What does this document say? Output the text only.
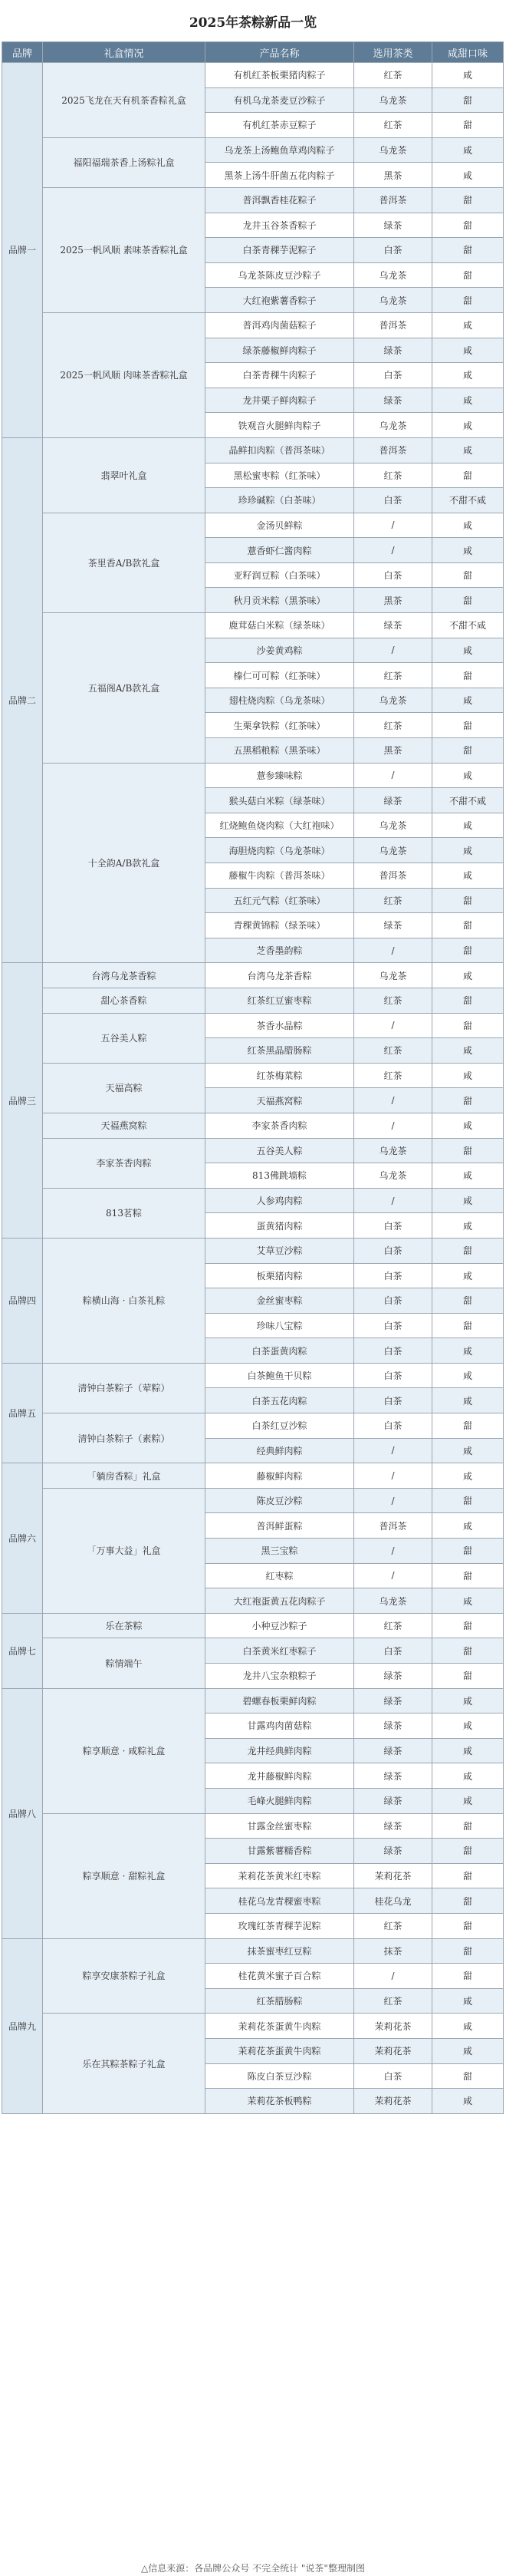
2025年茶粽新品一览
品牌	礼盒情况	产品名称	选用茶类	咸甜口味
品牌一	2025飞龙在天有机茶香粽礼盒	有机红茶板栗猪肉粽子	红茶	咸
		有机乌龙茶麦豆沙粽子	乌龙茶	甜
		有机红茶赤豆粽子	红茶	甜
	福阳福瑞茶香上汤粽礼盒	乌龙茶上汤鲍鱼草鸡肉粽子	乌龙茶	咸
		黑茶上汤牛肝菌五花肉粽子	黑茶	咸
	2025一帆风顺 素味茶香粽礼盒	普洱飘香桂花粽子	普洱茶	甜
		龙井玉谷茶香粽子	绿茶	甜
		白茶青稞芋泥粽子	白茶	甜
		乌龙茶陈皮豆沙粽子	乌龙茶	甜
		大红袍紫薯香粽子	乌龙茶	甜
	2025一帆风顺 肉味茶香粽礼盒	普洱鸡肉菌菇粽子	普洱茶	咸
		绿茶藤椒鲜肉粽子	绿茶	咸
		白茶青稞牛肉粽子	白茶	咸
		龙井栗子鲜肉粽子	绿茶	咸
		铁观音火腿鲜肉粽子	乌龙茶	咸
品牌二	翡翠叶礼盒	晶鲜扣肉粽（普洱茶味）	普洱茶	咸
		黑松蜜枣粽（红茶味）	红茶	甜
		珍珍碱粽（白茶味）	白茶	不甜不咸
	茶里香A/B款礼盒	金汤贝鲜粽	/	咸
		薏香虾仁酱肉粽	/	咸
		亚籽润豆粽（白茶味）	白茶	甜
		秋月贡米粽（黑茶味）	黑茶	甜
	五福阁A/B款礼盒	鹿茸菇白米粽（绿茶味）	绿茶	不甜不咸
		沙姜黄鸡粽	/	咸
		榛仁可可粽（红茶味）	红茶	甜
		翅柱烧肉粽（乌龙茶味）	乌龙茶	咸
		生栗拿铁粽（红茶味）	红茶	甜
		五黑稻粮粽（黑茶味）	黑茶	甜
	十全韵A/B款礼盒	薏参臻味粽	/	咸
		猴头菇白米粽（绿茶味）	绿茶	不甜不咸
		红烧鲍鱼烧肉粽（大红袍味）	乌龙茶	咸
		海胆烧肉粽（乌龙茶味）	乌龙茶	咸
		藤椒牛肉粽（普洱茶味）	普洱茶	咸
		五红元气粽（红茶味）	红茶	甜
		青稞黄锦粽（绿茶味）	绿茶	甜
		芝香墨韵粽	/	甜
品牌三	台湾乌龙茶香粽	台湾乌龙茶香粽	乌龙茶	咸
	甜心茶香粽	红茶红豆蜜枣粽	红茶	甜
	五谷美人粽	茶香水晶粽	/	甜
		红茶黑晶腊肠粽	红茶	咸
	天福高粽	红茶梅菜粽	红茶	咸
		天福燕窝粽	/	甜
	天福燕窝粽	李家茶香肉粽	/	咸
	李家茶香肉粽	五谷美人粽	乌龙茶	甜
		813佛跳墙粽	乌龙茶	咸
	813茗粽	人参鸡肉粽	/	咸
		蛋黄猪肉粽	白茶	咸
品牌四	粽横山海 · 白茶礼粽	艾草豆沙粽	白茶	甜
		板栗猪肉粽	白茶	咸
		金丝蜜枣粽	白茶	甜
		珍味八宝粽	白茶	甜
		白茶蛋黄肉粽	白茶	咸
品牌五	清钟白茶粽子（荤粽）	白茶鲍鱼干贝粽	白茶	咸
		白茶五花肉粽	白茶	咸
	清钟白茶粽子（素粽）	白茶红豆沙粽	白茶	甜
		经典鲜肉粽	/	咸
品牌六	「躺房香粽」礼盒	藤椒鲜肉粽	/	咸
	「万事大益」礼盒	陈皮豆沙粽	/	甜
		普洱鲜蛋粽	普洱茶	咸
		黑三宝粽	/	甜
		红枣粽	/	甜
		大红袍蛋黄五花肉粽子	乌龙茶	咸
品牌七	乐在茶粽	小种豆沙粽子	红茶	甜
	粽情端午	白茶黄米红枣粽子	白茶	甜
		龙井八宝杂粮粽子	绿茶	甜
品牌八	粽享顺意 · 咸粽礼盒	碧螺春板栗鲜肉粽	绿茶	咸
		甘露鸡肉菌菇粽	绿茶	咸
		龙井经典鲜肉粽	绿茶	咸
		龙井藤椒鲜肉粽	绿茶	咸
		毛峰火腿鲜肉粽	绿茶	咸
	粽享顺意 · 甜粽礼盒	甘露金丝蜜枣粽	绿茶	甜
		甘露紫薯糯香粽	绿茶	甜
		茉莉花茶黄米红枣粽	茉莉花茶	甜
		桂花乌龙青稞蜜枣粽	桂花乌龙	甜
		玫瑰红茶青稞芋泥粽	红茶	甜
品牌九	粽享安康茶粽子礼盒	抹茶蜜枣红豆粽	抹茶	甜
		桂花黄米蜜子百合粽	/	甜
		红茶腊肠粽	红茶	咸
	乐在其粽茶粽子礼盒	茉莉花茶蛋黄牛肉粽	茉莉花茶	咸
		茉莉花茶蛋黄牛肉粽	茉莉花茶	咸
		陈皮白茶豆沙粽	白茶	甜
		茉莉花茶板鸭粽	茉莉花茶	咸
△信息来源：各品牌公众号 不完全统计 "说茶"整理制图
